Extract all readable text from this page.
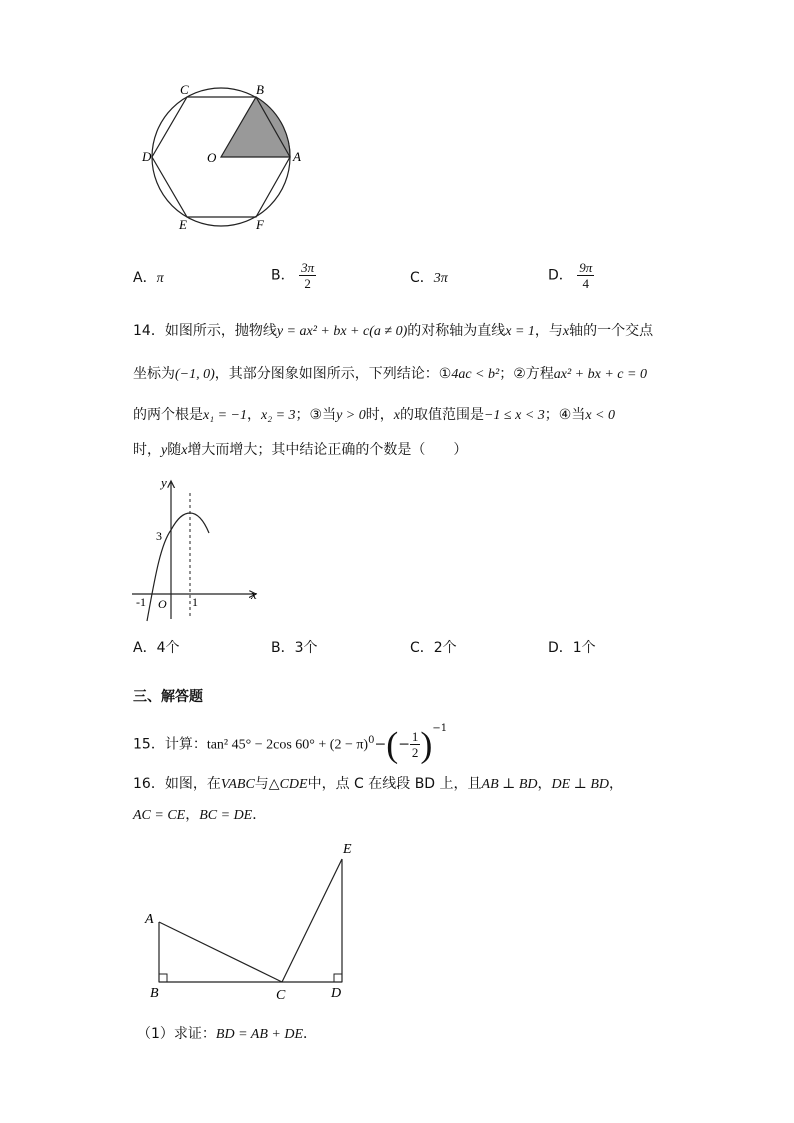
C	B
D	O	A
E	F
A．π	B． $\frac{3\pi}{2}$	C．3π	D． $\frac{9\pi}{4}$
14．如图所示，抛物线y = ax² + bx + c(a ≠ 0)的对称轴为直线x = 1，与x轴的一个交点
坐标为(−1, 0)，其部分图象如图所示，下列结论：①4ac < b²；②方程ax² + bx + c = 0
的两个根是x₁ = −1，x₂ = 3；③当y > 0时，x的取值范围是−1 ≤ x < 3；④当x < 0
时，y随x增大而增大；其中结论正确的个数是（　　）
y
x
3
-1 O 1
A．4个	B．3个	C．2个	D．1个
三、解答题
15．计算：tan² 45° − 2cos $60^\circ + (2 - \pi)^0-(- \frac{1}{2} )^{-1}$
16．如图，在VABC与△CDE中，点 C 在线段 BD 上，且AB ⊥ BD，DE ⊥ BD，
AC = CE，BC = DE．
A
B	C	D
E
（1）求证：BD = AB + DE．
